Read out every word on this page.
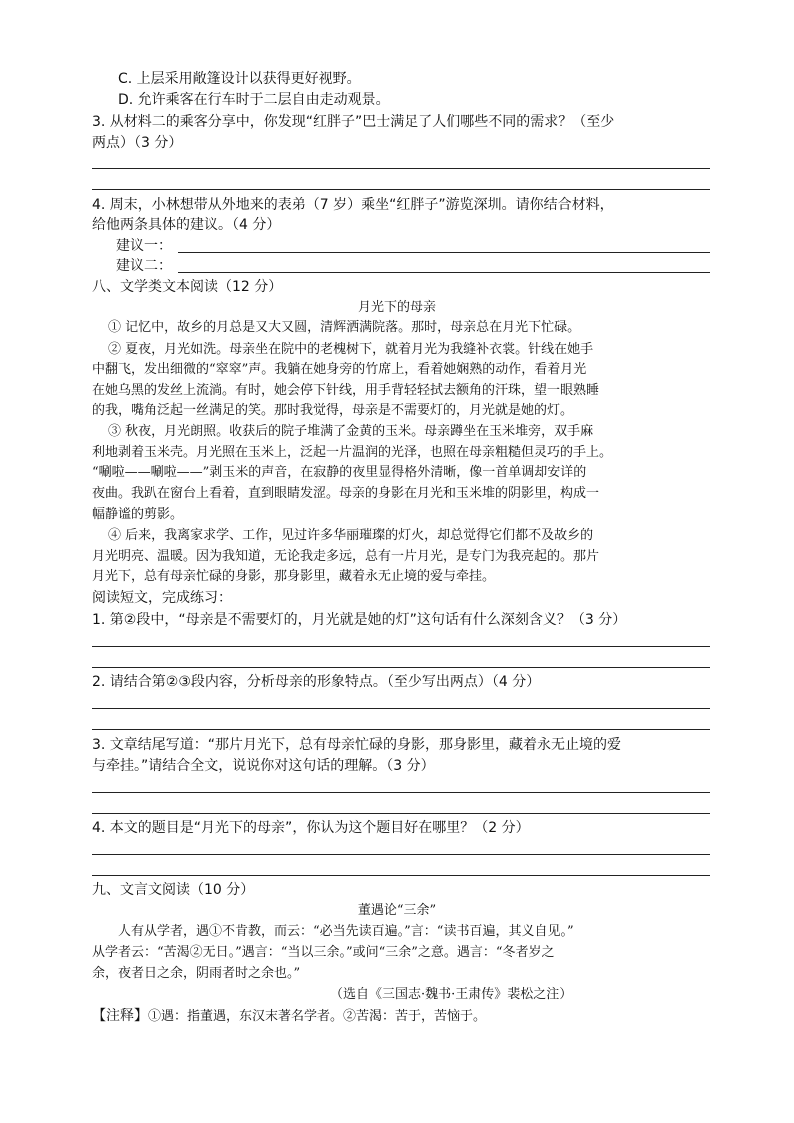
C. 上层采用敞篷设计以获得更好视野。
D. 允许乘客在行车时于二层自由走动观景。
3. 从材料二的乘客分享中，你发现“红胖子”巴士满足了人们哪些不同的需求？（至少
两点）（3 分）
4. 周末，小林想带从外地来的表弟（7 岁）乘坐“红胖子”游览深圳。请你结合材料，
给他两条具体的建议。（4 分）
建议一：
建议二：
八、文学类文本阅读（12 分）
月光下的母亲
① 记忆中，故乡的月总是又大又圆，清辉洒满院落。那时，母亲总在月光下忙碌。
② 夏夜，月光如洗。母亲坐在院中的老槐树下，就着月光为我缝补衣裳。针线在她手
中翻飞，发出细微的“窣窣”声。我躺在她身旁的竹席上，看着她娴熟的动作，看着月光
在她乌黑的发丝上流淌。有时，她会停下针线，用手背轻轻拭去额角的汗珠，望一眼熟睡
的我，嘴角泛起一丝满足的笑。那时我觉得，母亲是不需要灯的，月光就是她的灯。
③ 秋夜，月光朗照。收获后的院子堆满了金黄的玉米。母亲蹲坐在玉米堆旁，双手麻
利地剥着玉米壳。月光照在玉米上，泛起一片温润的光泽，也照在母亲粗糙但灵巧的手上。
“唰啦——唰啦——”剥玉米的声音，在寂静的夜里显得格外清晰，像一首单调却安详的
夜曲。我趴在窗台上看着，直到眼睛发涩。母亲的身影在月光和玉米堆的阴影里，构成一
幅静谧的剪影。
④ 后来，我离家求学、工作，见过许多华丽璀璨的灯火，却总觉得它们都不及故乡的
月光明亮、温暖。因为我知道，无论我走多远，总有一片月光，是专门为我亮起的。那片
月光下，总有母亲忙碌的身影，那身影里，藏着永无止境的爱与牵挂。
阅读短文，完成练习：
1. 第②段中，“母亲是不需要灯的，月光就是她的灯”这句话有什么深刻含义？（3 分）
2. 请结合第②③段内容，分析母亲的形象特点。（至少写出两点）（4 分）
3. 文章结尾写道：“那片月光下，总有母亲忙碌的身影，那身影里，藏着永无止境的爱
与牵挂。”请结合全文，说说你对这句话的理解。（3 分）
4. 本文的题目是“月光下的母亲”，你认为这个题目好在哪里？（2 分）
九、文言文阅读（10 分）
董遇论“三余”
人有从学者，遇①不肯教，而云：“必当先读百遍。”言：“读书百遍，其义自见。”
从学者云：“苦渴②无日。”遇言：“当以三余。”或问“三余”之意。遇言：“冬者岁之
余，夜者日之余，阴雨者时之余也。”
（选自《三国志·魏书·王肃传》裴松之注）
【注释】①遇：指董遇，东汉末著名学者。②苦渴：苦于，苦恼于。
